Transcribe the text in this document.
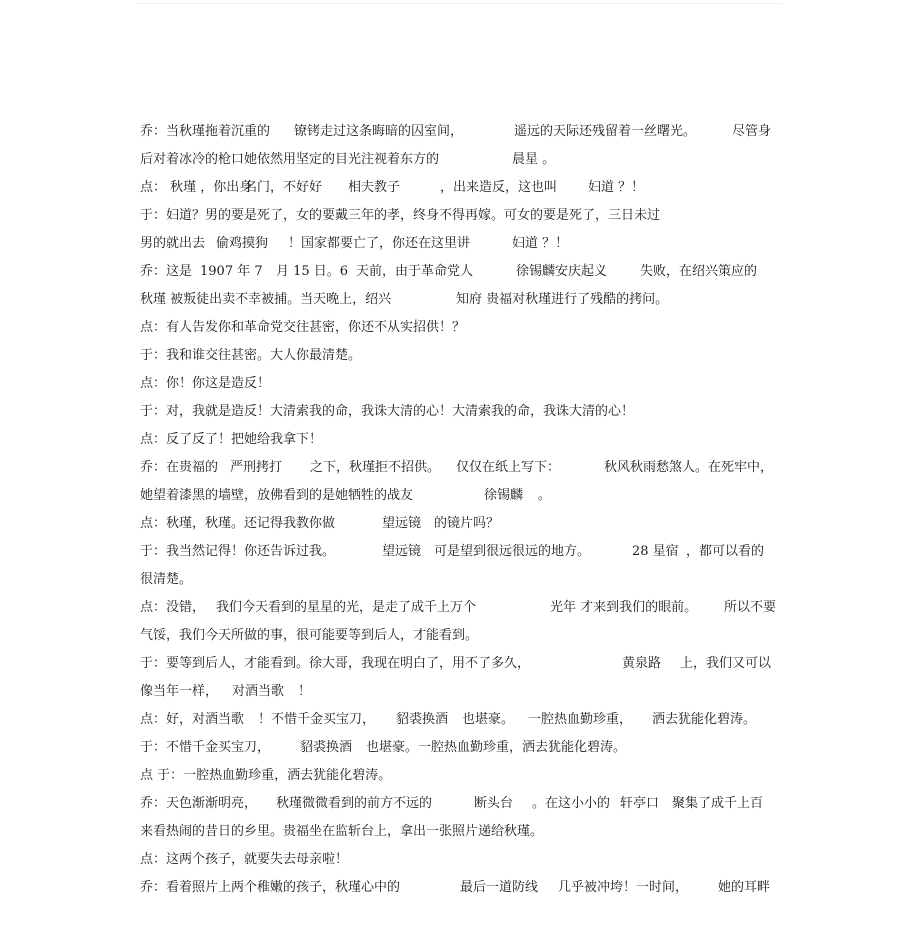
乔：当秋瑾拖着沉重的 镣铐走过这条晦暗的囚室间，	遥远的天际还残留着一丝曙光。	尽管身
后对着冰冷的枪口她依然用坚定的目光注视着东方的	晨星 。
点： 秋瑾 ，你出身
名门，不好好 相夫教子	，出来造反，这也叫 妇道 ？！
于：妇道？男的要是死了，女的要戴三年的孝，终身不得再嫁。可女的要是死了，三日未过
男的就出去 偷鸡摸狗 ！国家都要亡了，你还在这里讲	妇道 ？！
乔：这是 1907 年 7 月 15 日。6 天前，由于革命党人	徐锡麟安庆起义	失败，在绍兴策应的
秋瑾 被叛徒出卖不幸被捕。当天晚上，绍兴	知府 贵福对秋瑾进行了残酷的拷问。
点：有人告发你和革命党交往甚密，你还不从实招供！？
于：我和谁交往甚密。大人你最清楚。
点：你！你这是造反！
于：对，我就是造反！大清索我的命，我诛大清的心！大清索我的命，我诛大清的心！
点：反了反了！把她给我拿下！
乔：在贵福的 严刑拷打 之下，秋瑾拒不招供。 仅仅在纸上写下：	秋风秋雨愁煞人。在死牢中，
她望着漆黑的墙壁，放佛看到的是她牺牲的战友	徐锡麟 。
点：秋瑾，秋瑾。还记得我教你做	望远镜 的镜片吗？
于：我当然记得！你还告诉过我。	望远镜 可是望到很远很远的地方。	28 星宿 ，都可以看的
很清楚。
点：没错， 我们今天看到的星星的光，是走了成千上万个	光年 才来到我们的眼前。 所以不要
气馁，我们今天所做的事，很可能要等到后人，才能看到。
于：要等到后人，才能看到。徐大哥，我现在明白了，用不了多久，	黄泉路 上，我们又可以
像当年一样， 对酒当歌 ！
点：好，对酒当歌 ！不惜千金买宝刀， 貂裘换酒 也堪豪。 一腔热血勤珍重， 洒去犹能化碧涛。
于：不惜千金买宝刀， 貂裘换酒 也堪豪。一腔热血勤珍重，洒去犹能化碧涛。
点 于：一腔热血勤珍重，洒去犹能化碧涛。
乔：天色渐渐明亮， 秋瑾微微看到的前方不远的	断头台 。在这小小的 轩亭口 聚集了成千上百
来看热闹的昔日的乡里。贵福坐在监斩台上，拿出一张照片递给秋瑾。
点：这两个孩子，就要失去母亲啦！
乔：看着照片上两个稚嫩的孩子，秋瑾心中的	最后一道防线 几乎被冲垮！一时间， 她的耳畔
